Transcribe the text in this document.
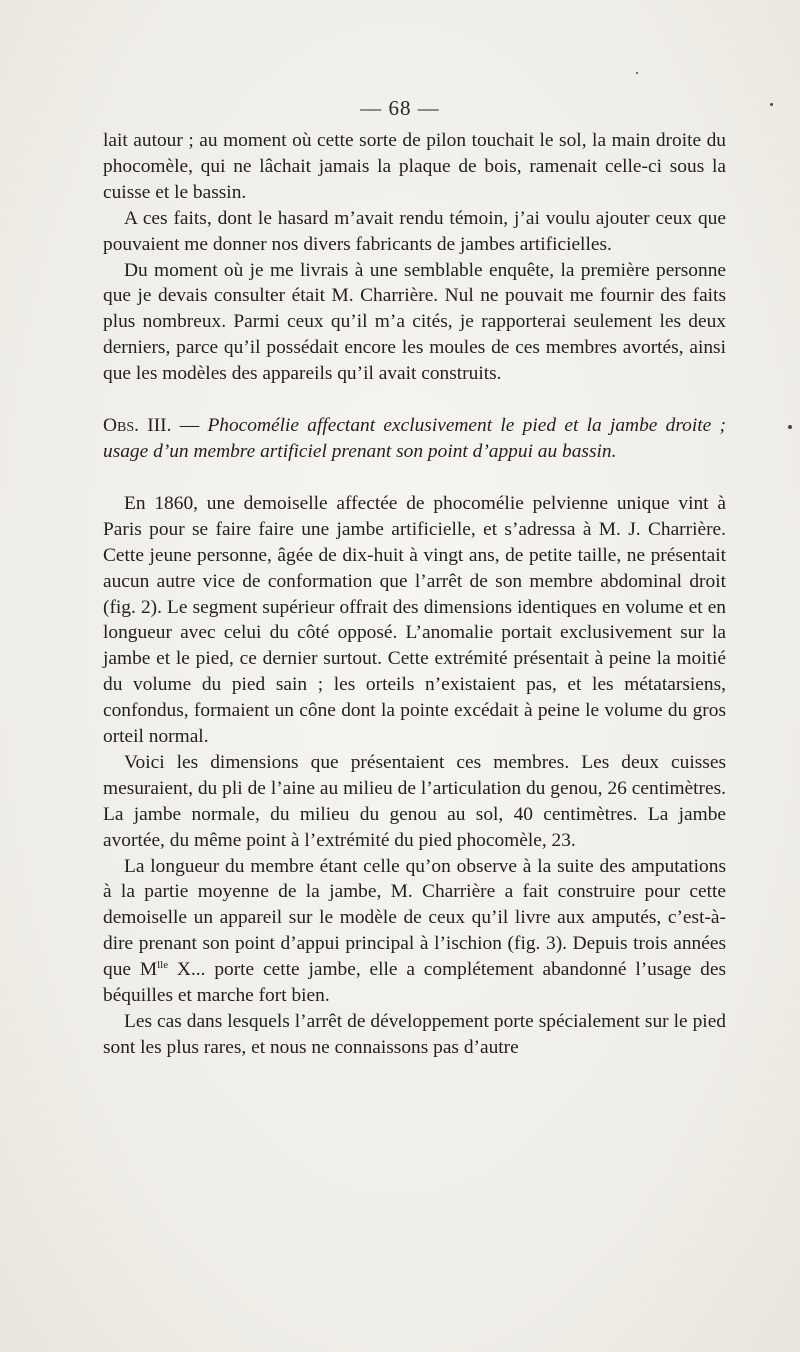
— 68 —

lait autour ; au moment où cette sorte de pilon touchait le sol, la main droite du phocomèle, qui ne lâchait jamais la plaque de bois, ramenait celle-ci sous la cuisse et le bassin.

A ces faits, dont le hasard m’avait rendu témoin, j’ai voulu ajouter ceux que pouvaient me donner nos divers fabricants de jambes artificielles.

Du moment où je me livrais à une semblable enquête, la première personne que je devais consulter était M. Charrière. Nul ne pouvait me fournir des faits plus nombreux. Parmi ceux qu’il m’a cités, je rapporterai seulement les deux derniers, parce qu’il possédait encore les moules de ces membres avortés, ainsi que les modèles des appareils qu’il avait construits.

Obs. III. — Phocomélie affectant exclusivement le pied et la jambe droite ; usage d’un membre artificiel prenant son point d’appui au bassin.

En 1860, une demoiselle affectée de phocomélie pelvienne unique vint à Paris pour se faire faire une jambe artificielle, et s’adressa à M. J. Charrière. Cette jeune personne, âgée de dix-huit à vingt ans, de petite taille, ne présentait aucun autre vice de conformation que l’arrêt de son membre abdominal droit (fig. 2). Le segment supérieur offrait des dimensions identiques en volume et en longueur avec celui du côté opposé. L’anomalie portait exclusivement sur la jambe et le pied, ce dernier surtout. Cette extrémité présentait à peine la moitié du volume du pied sain ; les orteils n’existaient pas, et les métatarsiens, confondus, formaient un cône dont la pointe excédait à peine le volume du gros orteil normal.

Voici les dimensions que présentaient ces membres. Les deux cuisses mesuraient, du pli de l’aine au milieu de l’articulation du genou, 26 centimètres. La jambe normale, du milieu du genou au sol, 40 centimètres. La jambe avortée, du même point à l’extrémité du pied phocomèle, 23.

La longueur du membre étant celle qu’on observe à la suite des amputations à la partie moyenne de la jambe, M. Charrière a fait construire pour cette demoiselle un appareil sur le modèle de ceux qu’il livre aux amputés, c’est-à-dire prenant son point d’appui principal à l’ischion (fig. 3). Depuis trois années que $M^{lle}$ X... porte cette jambe, elle a complétement abandonné l’usage des béquilles et marche fort bien.

Les cas dans lesquels l’arrêt de développement porte spécialement sur le pied sont les plus rares, et nous ne connaissons pas d’autre
